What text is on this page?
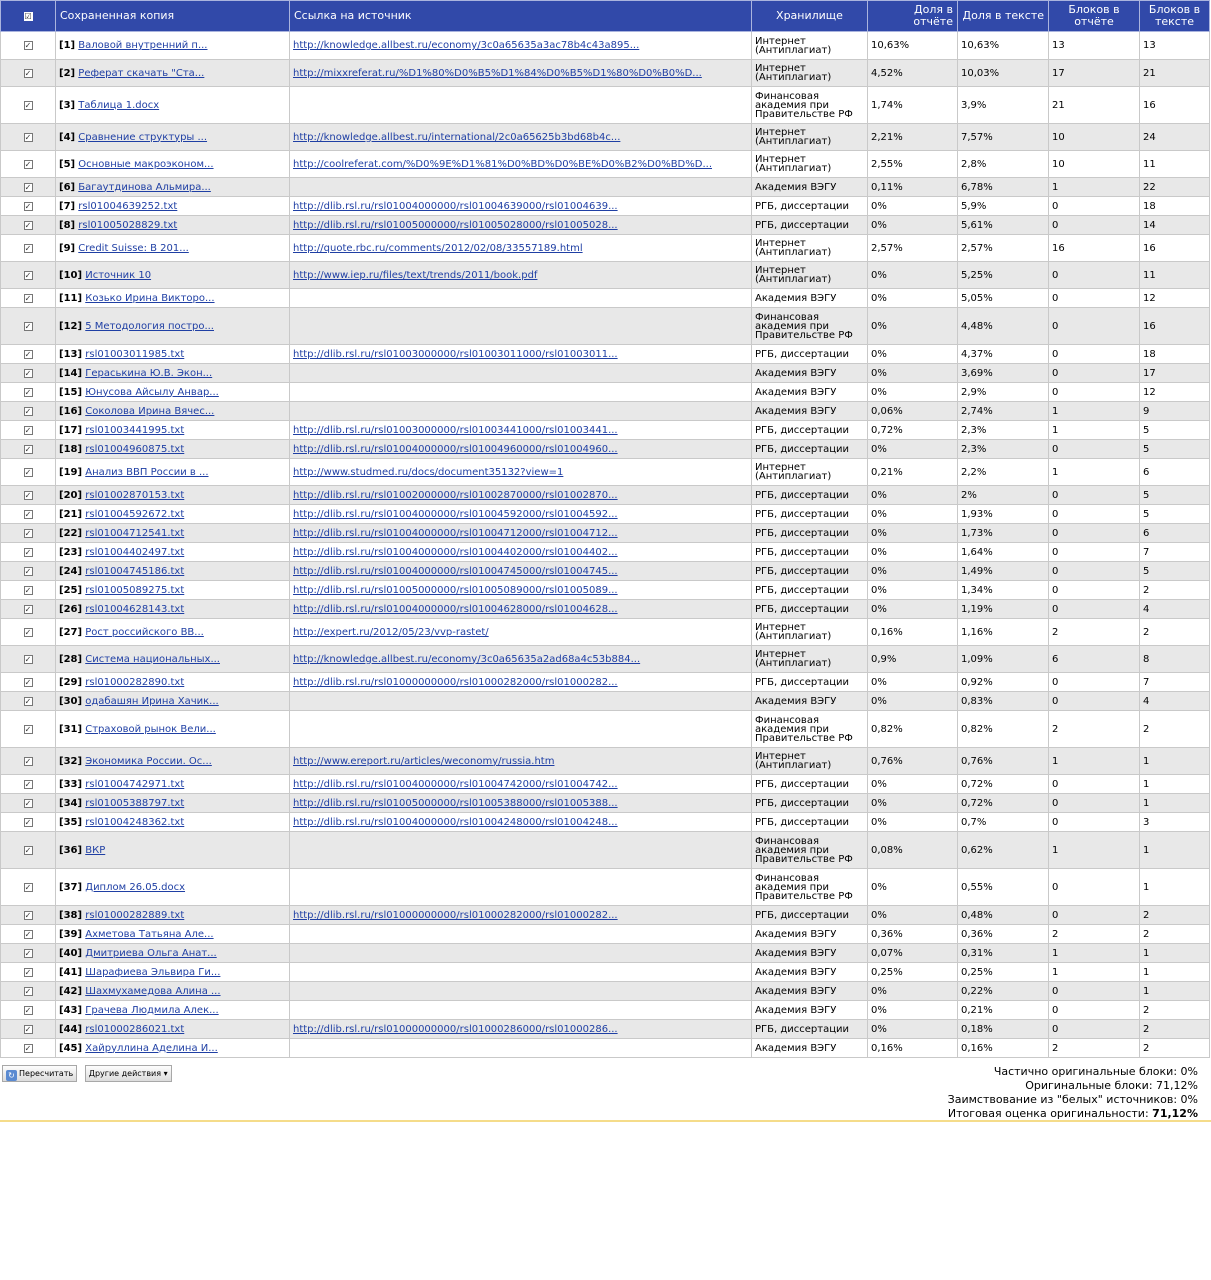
☑	Сохраненная копия	Ссылка на источник	Хранилище	Доля в отчёте	Доля в тексте	Блоков в отчёте	Блоков в тексте
✓	[1] Валовой внутренний п...	http://knowledge.allbest.ru/economy/3c0a65635a3ac78b4c43a895...	Интернет (Антиплагиат)	10,63%	10,63%	13	13
✓	[2] Реферат скачать "Ста...	http://mixxreferat.ru/%D1%80%D0%B5%D1%84%D0%B5%D1%80%D0%B0%D...	Интернет (Антиплагиат)	4,52%	10,03%	17	21
✓	[3] Таблица 1.docx		Финансовая академия при Правительстве РФ	1,74%	3,9%	21	16
✓	[4] Сравнение структуры ...	http://knowledge.allbest.ru/international/2c0a65625b3bd68b4c...	Интернет (Антиплагиат)	2,21%	7,57%	10	24
✓	[5] Основные макроэконом...	http://coolreferat.com/%D0%9E%D1%81%D0%BD%D0%BE%D0%B2%D0%BD%D...	Интернет (Антиплагиат)	2,55%	2,8%	10	11
✓	[6] Багаутдинова Альмира...		Академия ВЭГУ	0,11%	6,78%	1	22
✓	[7] rsl01004639252.txt	http://dlib.rsl.ru/rsl01004000000/rsl01004639000/rsl01004639...	РГБ, диссертации	0%	5,9%	0	18
✓	[8] rsl01005028829.txt	http://dlib.rsl.ru/rsl01005000000/rsl01005028000/rsl01005028...	РГБ, диссертации	0%	5,61%	0	14
✓	[9] Credit Suisse: В 201...	http://quote.rbc.ru/comments/2012/02/08/33557189.html	Интернет (Антиплагиат)	2,57%	2,57%	16	16
✓	[10] Источник 10	http://www.iep.ru/files/text/trends/2011/book.pdf	Интернет (Антиплагиат)	0%	5,25%	0	11
✓	[11] Козько Ирина Викторо...		Академия ВЭГУ	0%	5,05%	0	12
✓	[12] 5 Методология постро...		Финансовая академия при Правительстве РФ	0%	4,48%	0	16
✓	[13] rsl01003011985.txt	http://dlib.rsl.ru/rsl01003000000/rsl01003011000/rsl01003011...	РГБ, диссертации	0%	4,37%	0	18
✓	[14] Гераськина Ю.В. Экон...		Академия ВЭГУ	0%	3,69%	0	17
✓	[15] Юнусова Айсылу Анвар...		Академия ВЭГУ	0%	2,9%	0	12
✓	[16] Соколова Ирина Вячес...		Академия ВЭГУ	0,06%	2,74%	1	9
✓	[17] rsl01003441995.txt	http://dlib.rsl.ru/rsl01003000000/rsl01003441000/rsl01003441...	РГБ, диссертации	0,72%	2,3%	1	5
✓	[18] rsl01004960875.txt	http://dlib.rsl.ru/rsl01004000000/rsl01004960000/rsl01004960...	РГБ, диссертации	0%	2,3%	0	5
✓	[19] Анализ ВВП России в ...	http://www.studmed.ru/docs/document35132?view=1	Интернет (Антиплагиат)	0,21%	2,2%	1	6
✓	[20] rsl01002870153.txt	http://dlib.rsl.ru/rsl01002000000/rsl01002870000/rsl01002870...	РГБ, диссертации	0%	2%	0	5
✓	[21] rsl01004592672.txt	http://dlib.rsl.ru/rsl01004000000/rsl01004592000/rsl01004592...	РГБ, диссертации	0%	1,93%	0	5
✓	[22] rsl01004712541.txt	http://dlib.rsl.ru/rsl01004000000/rsl01004712000/rsl01004712...	РГБ, диссертации	0%	1,73%	0	6
✓	[23] rsl01004402497.txt	http://dlib.rsl.ru/rsl01004000000/rsl01004402000/rsl01004402...	РГБ, диссертации	0%	1,64%	0	7
✓	[24] rsl01004745186.txt	http://dlib.rsl.ru/rsl01004000000/rsl01004745000/rsl01004745...	РГБ, диссертации	0%	1,49%	0	5
✓	[25] rsl01005089275.txt	http://dlib.rsl.ru/rsl01005000000/rsl01005089000/rsl01005089...	РГБ, диссертации	0%	1,34%	0	2
✓	[26] rsl01004628143.txt	http://dlib.rsl.ru/rsl01004000000/rsl01004628000/rsl01004628...	РГБ, диссертации	0%	1,19%	0	4
✓	[27] Рост российского ВВ...	http://expert.ru/2012/05/23/vvp-rastet/	Интернет (Антиплагиат)	0,16%	1,16%	2	2
✓	[28] Система национальных...	http://knowledge.allbest.ru/economy/3c0a65635a2ad68a4c53b884...	Интернет (Антиплагиат)	0,9%	1,09%	6	8
✓	[29] rsl01000282890.txt	http://dlib.rsl.ru/rsl01000000000/rsl01000282000/rsl01000282...	РГБ, диссертации	0%	0,92%	0	7
✓	[30] одабашян Ирина Хачик...		Академия ВЭГУ	0%	0,83%	0	4
✓	[31] Страховой рынок Вели...		Финансовая академия при Правительстве РФ	0,82%	0,82%	2	2
✓	[32] Экономика России. Ос...	http://www.ereport.ru/articles/weconomy/russia.htm	Интернет (Антиплагиат)	0,76%	0,76%	1	1
✓	[33] rsl01004742971.txt	http://dlib.rsl.ru/rsl01004000000/rsl01004742000/rsl01004742...	РГБ, диссертации	0%	0,72%	0	1
✓	[34] rsl01005388797.txt	http://dlib.rsl.ru/rsl01005000000/rsl01005388000/rsl01005388...	РГБ, диссертации	0%	0,72%	0	1
✓	[35] rsl01004248362.txt	http://dlib.rsl.ru/rsl01004000000/rsl01004248000/rsl01004248...	РГБ, диссертации	0%	0,7%	0	3
✓	[36] ВКР		Финансовая академия при Правительстве РФ	0,08%	0,62%	1	1
✓	[37] Диплом 26.05.docx		Финансовая академия при Правительстве РФ	0%	0,55%	0	1
✓	[38] rsl01000282889.txt	http://dlib.rsl.ru/rsl01000000000/rsl01000282000/rsl01000282...	РГБ, диссертации	0%	0,48%	0	2
✓	[39] Ахметова Татьяна Але...		Академия ВЭГУ	0,36%	0,36%	2	2
✓	[40] Дмитриева Ольга Анат...		Академия ВЭГУ	0,07%	0,31%	1	1
✓	[41] Шарафиева Эльвира Ги...		Академия ВЭГУ	0,25%	0,25%	1	1
✓	[42] Шахмухамедова Алина ...		Академия ВЭГУ	0%	0,22%	0	1
✓	[43] Грачева Людмила Алек...		Академия ВЭГУ	0%	0,21%	0	2
✓	[44] rsl01000286021.txt	http://dlib.rsl.ru/rsl01000000000/rsl01000286000/rsl01000286...	РГБ, диссертации	0%	0,18%	0	2
✓	[45] Хайруллина Аделина И...		Академия ВЭГУ	0,16%	0,16%	2	2
↻ Пересчитать Другие действия ▾	Частично оригинальные блоки: 0%
Оригинальные блоки: 71,12%
Заимствование из "белых" источников: 0%
Итоговая оценка оригинальности: 71,12%
